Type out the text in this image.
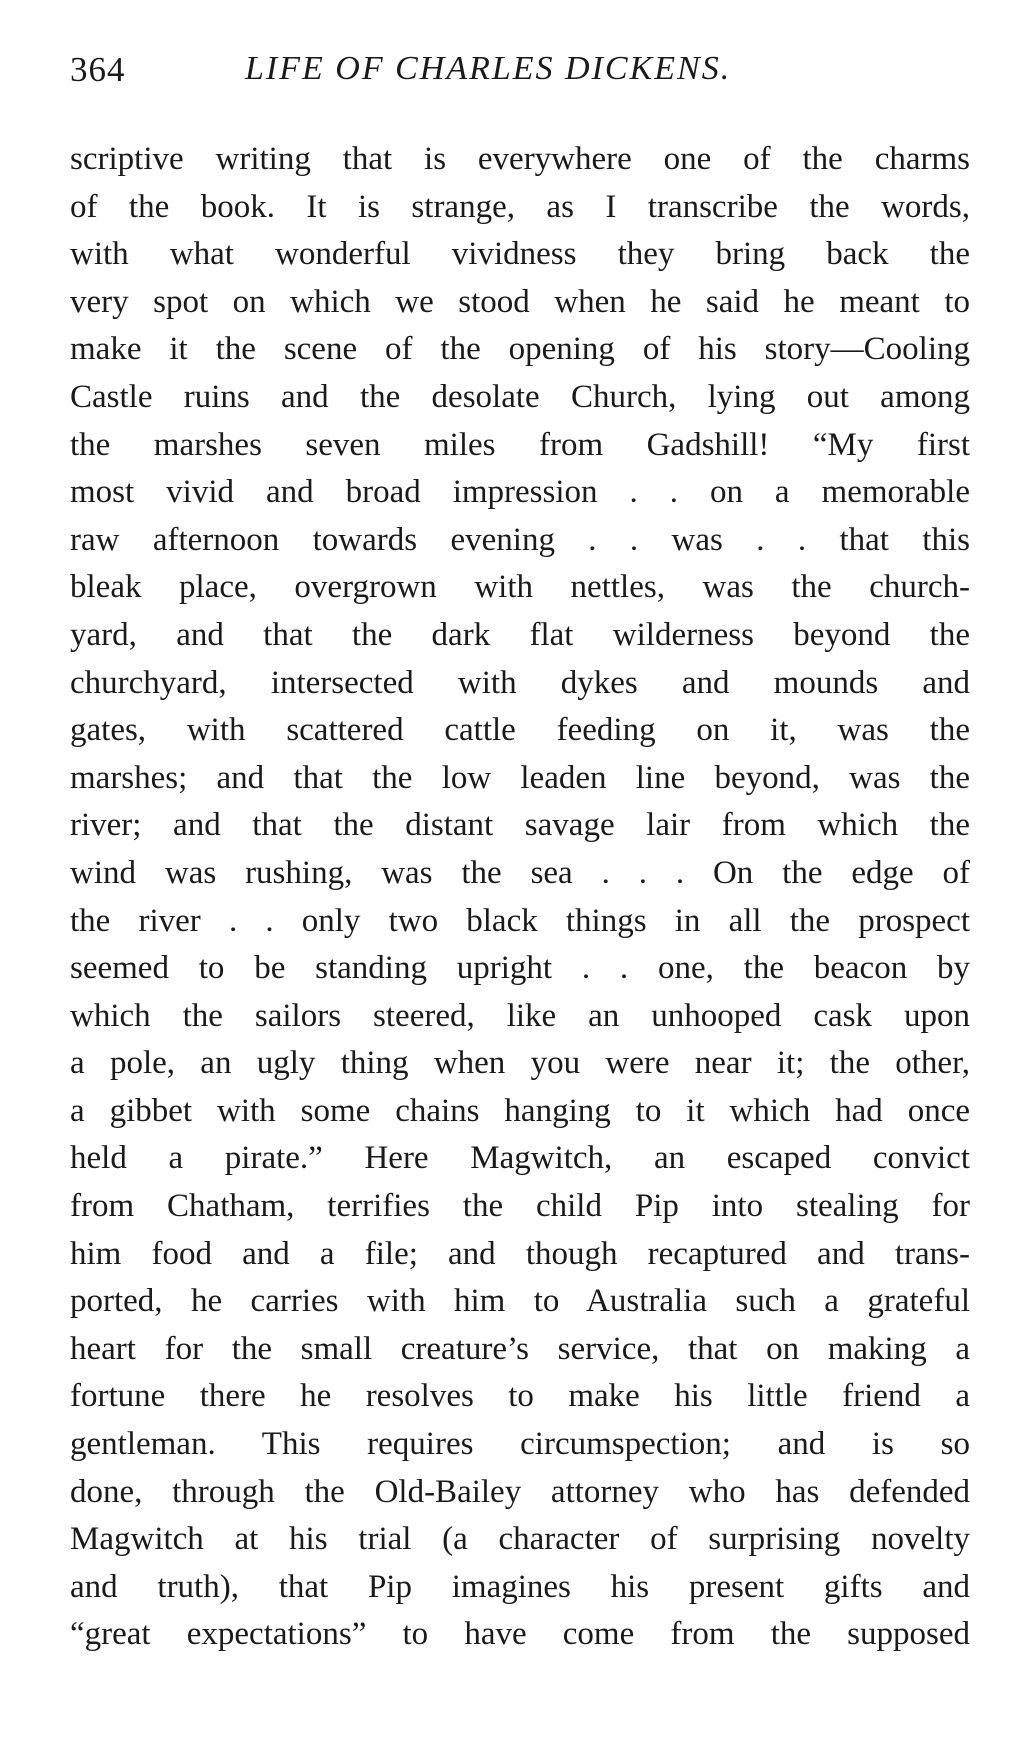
364	LIFE OF CHARLES DICKENS.
scriptive writing that is everywhere one of the charms
of the book. It is strange, as I transcribe the words,
with what wonderful vividness they bring back the
very spot on which we stood when he said he meant to
make it the scene of the opening of his story—Cooling
Castle ruins and the desolate Church, lying out among
the marshes seven miles from Gadshill! “My first
most vivid and broad impression . . on a memorable
raw afternoon towards evening . . was . . that this
bleak place, overgrown with nettles, was the church-
yard, and that the dark flat wilderness beyond the
churchyard, intersected with dykes and mounds and
gates, with scattered cattle feeding on it, was the
marshes; and that the low leaden line beyond, was the
river; and that the distant savage lair from which the
wind was rushing, was the sea . . . On the edge of
the river . . only two black things in all the prospect
seemed to be standing upright . . one, the beacon by
which the sailors steered, like an unhooped cask upon
a pole, an ugly thing when you were near it; the other,
a gibbet with some chains hanging to it which had once
held a pirate.” Here Magwitch, an escaped convict
from Chatham, terrifies the child Pip into stealing for
him food and a file; and though recaptured and trans-
ported, he carries with him to Australia such a grateful
heart for the small creature’s service, that on making a
fortune there he resolves to make his little friend a
gentleman. This requires circumspection; and is so
done, through the Old-Bailey attorney who has defended
Magwitch at his trial (a character of surprising novelty
and truth), that Pip imagines his present gifts and
“great expectations” to have come from the supposed
